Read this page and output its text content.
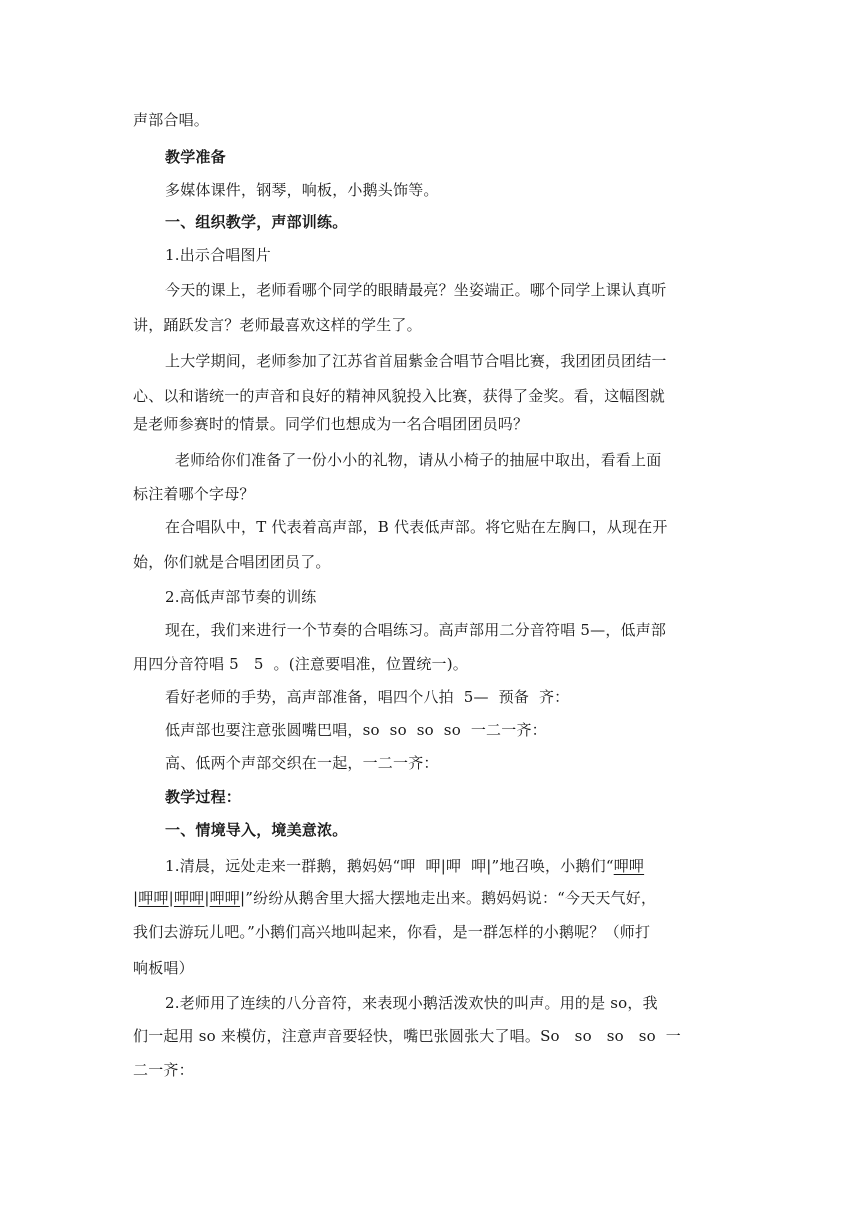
声部合唱。
教学准备
多媒体课件，钢琴，响板，小鹅头饰等。
一、组织教学，声部训练。
1.出示合唱图片
今天的课上，老师看哪个同学的眼睛最亮？坐姿端正。哪个同学上课认真听
讲，踊跃发言？老师最喜欢这样的学生了。
上大学期间，老师参加了江苏省首届紫金合唱节合唱比赛，我团团员团结一
心、以和谐统一的声音和良好的精神风貌投入比赛，获得了金奖。看，这幅图就
是老师参赛时的情景。同学们也想成为一名合唱团团员吗？
老师给你们准备了一份小小的礼物，请从小椅子的抽屉中取出，看看上面
标注着哪个字母？
在合唱队中，T 代表着高声部，B 代表低声部。将它贴在左胸口，从现在开
始，你们就是合唱团团员了。
2.高低声部节奏的训练
现在，我们来进行一个节奏的合唱练习。高声部用二分音符唱 5—，低声部
用四分音符唱 5   5  。(注意要唱准，位置统一)。
看好老师的手势，高声部准备，唱四个八拍  5—  预备  齐：
低声部也要注意张圆嘴巴唱，so  so  so  so  一二一齐：
高、低两个声部交织在一起，一二一齐：
教学过程：
一、情境导入，境美意浓。
1.清晨，远处走来一群鹅，鹅妈妈“呷  呷|呷  呷|”地召唤，小鹅们“呷呷
|呷呷|呷呷|呷呷|”纷纷从鹅舍里大摇大摆地走出来。鹅妈妈说：“今天天气好，
我们去游玩儿吧。”小鹅们高兴地叫起来，你看，是一群怎样的小鹅呢？（师打
响板唱）
2.老师用了连续的八分音符，来表现小鹅活泼欢快的叫声。用的是 so，我
们一起用 so 来模仿，注意声音要轻快，嘴巴张圆张大了唱。So   so   so   so  一
二一齐：
